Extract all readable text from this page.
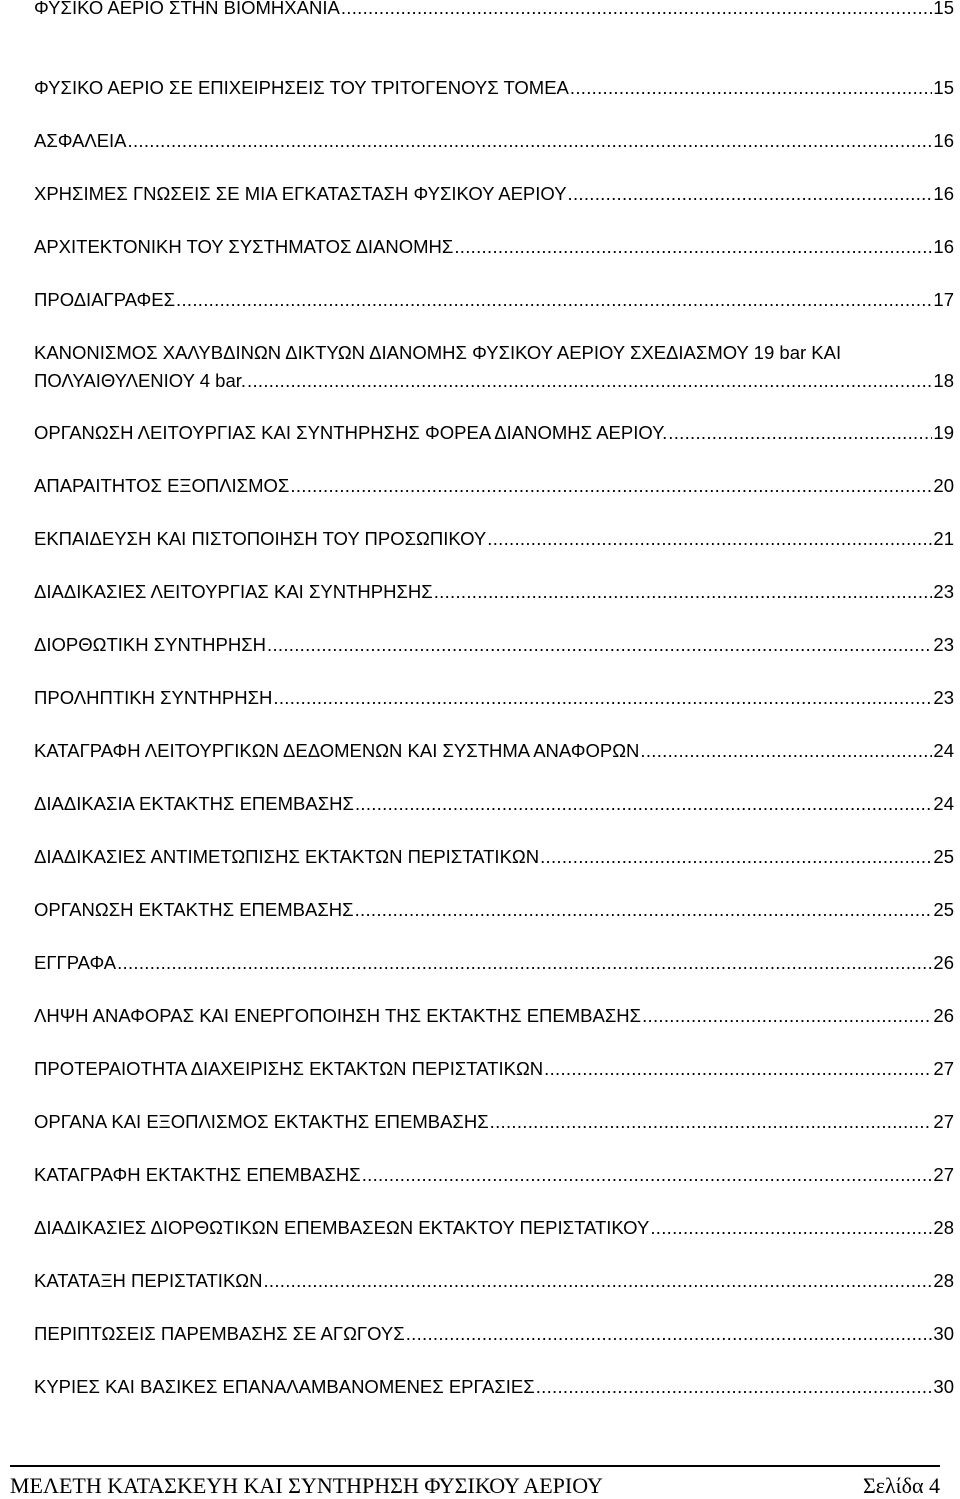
ΦΥΣΙΚΟ ΑΕΡΙΟ ΣΤΗΝ ΒΙΟΜΗΧΑΝΙΑ .....	15
ΦΥΣΙΚΟ ΑΕΡΙΟ ΣΕ ΕΠΙΧΕΙΡΗΣΕΙΣ ΤΟΥ ΤΡΙΤΟΓΕΝΟΥΣ ΤΟΜΕΑ .....	15
ΑΣΦΑΛΕΙΑ .....	16
ΧΡΗΣΙΜΕΣ ΓΝΩΣΕΙΣ ΣΕ ΜΙΑ ΕΓΚΑΤΑΣΤΑΣΗ ΦΥΣΙΚΟΥ ΑΕΡΙΟΥ .....	16
ΑΡΧΙΤΕΚΤΟΝΙΚΗ ΤΟΥ ΣΥΣΤΗΜΑΤΟΣ ΔΙΑΝΟΜΗΣ .....	16
ΠΡΟΔΙΑΓΡΑΦΕΣ .....	17
ΚΑΝΟΝΙΣΜΟΣ ΧΑΛΥΒΔΙΝΩΝ ΔΙΚΤΥΩΝ ΔΙΑΝΟΜΗΣ ΦΥΣΙΚΟΥ ΑΕΡΙΟΥ ΣΧΕΔΙΑΣΜΟΥ 19 bar ΚΑΙ
ΠΟΛΥΑΙΘΥΛΕΝΙΟΥ 4 bar. .....	18
ΟΡΓΑΝΩΣΗ ΛΕΙΤΟΥΡΓΙΑΣ ΚΑΙ ΣΥΝΤΗΡΗΣΗΣ ΦΟΡΕΑ ΔΙΑΝΟΜΗΣ ΑΕΡΙΟΥ. .....	19
ΑΠΑΡΑΙΤΗΤΟΣ ΕΞΟΠΛΙΣΜΟΣ .....	20
ΕΚΠΑΙΔΕΥΣΗ ΚΑΙ ΠΙΣΤΟΠΟΙΗΣΗ ΤΟΥ ΠΡΟΣΩΠΙΚΟΥ .....	21
ΔΙΑΔΙΚΑΣΙΕΣ ΛΕΙΤΟΥΡΓΙΑΣ ΚΑΙ ΣΥΝΤΗΡΗΣΗΣ .....	23
ΔΙΟΡΘΩΤΙΚΗ ΣΥΝΤΗΡΗΣΗ .....	23
ΠΡΟΛΗΠΤΙΚΗ ΣΥΝΤΗΡΗΣΗ .....	23
ΚΑΤΑΓΡΑΦΗ ΛΕΙΤΟΥΡΓΙΚΩΝ ΔΕΔΟΜΕΝΩΝ ΚΑΙ ΣΥΣΤΗΜΑ ΑΝΑΦΟΡΩΝ .....	24
ΔΙΑΔΙΚΑΣΙΑ ΕΚΤΑΚΤΗΣ ΕΠΕΜΒΑΣΗΣ .....	24
ΔΙΑΔΙΚΑΣΙΕΣ ΑΝΤΙΜΕΤΩΠΙΣΗΣ ΕΚΤΑΚΤΩΝ ΠΕΡΙΣΤΑΤΙΚΩΝ .....	25
ΟΡΓΑΝΩΣΗ ΕΚΤΑΚΤΗΣ ΕΠΕΜΒΑΣΗΣ .....	25
ΕΓΓΡΑΦΑ .....	26
ΛΗΨΗ ΑΝΑΦΟΡΑΣ ΚΑΙ ΕΝΕΡΓΟΠΟΙΗΣΗ ΤΗΣ ΕΚΤΑΚΤΗΣ ΕΠΕΜΒΑΣΗΣ .....	26
ΠΡΟΤΕΡΑΙΟΤΗΤΑ ΔΙΑΧΕΙΡΙΣΗΣ ΕΚΤΑΚΤΩΝ ΠΕΡΙΣΤΑΤΙΚΩΝ .....	27
ΟΡΓΑΝΑ ΚΑΙ ΕΞΟΠΛΙΣΜΟΣ ΕΚΤΑΚΤΗΣ ΕΠΕΜΒΑΣΗΣ .....	27
ΚΑΤΑΓΡΑΦΗ ΕΚΤΑΚΤΗΣ ΕΠΕΜΒΑΣΗΣ .....	27
ΔΙΑΔΙΚΑΣΙΕΣ ΔΙΟΡΘΩΤΙΚΩΝ ΕΠΕΜΒΑΣΕΩΝ ΕΚΤΑΚΤΟΥ ΠΕΡΙΣΤΑΤΙΚΟΥ .....	28
ΚΑΤΑΤΑΞΗ ΠΕΡΙΣΤΑΤΙΚΩΝ .....	28
ΠΕΡΙΠΤΩΣΕΙΣ ΠΑΡΕΜΒΑΣΗΣ ΣΕ ΑΓΩΓΟΥΣ .....	30
ΚΥΡΙΕΣ ΚΑΙ ΒΑΣΙΚΕΣ ΕΠΑΝΑΛΑΜΒΑΝΟΜΕΝΕΣ ΕΡΓΑΣΙΕΣ .....	30
ΜΕΛΕΤΗ ΚΑΤΑΣΚΕΥΗ ΚΑΙ ΣΥΝΤΗΡΗΣΗ ΦΥΣΙΚΟΥ ΑΕΡΙΟΥ	Σελίδα 4
